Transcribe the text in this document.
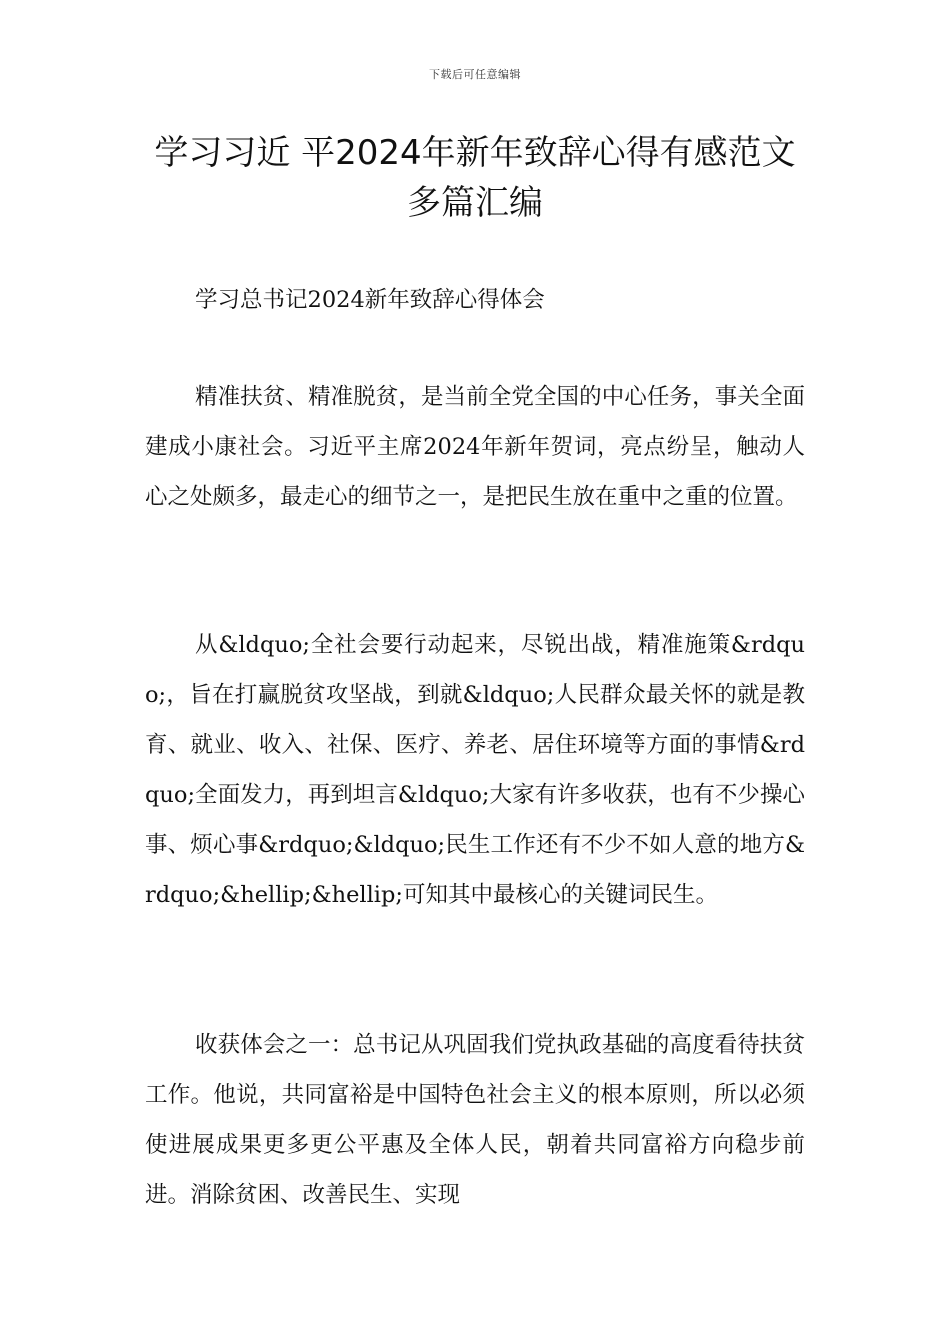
下载后可任意编辑
学习习近 平2024年新年致辞心得有感范文多篇汇编

学习总书记2024新年致辞心得体会

精准扶贫、精准脱贫，是当前全党全国的中心任务，事关全面建成小康社会。习近平主席2024年新年贺词，亮点纷呈，触动人心之处颇多，最走心的细节之一，是把民生放在重中之重的位置。

从&ldquo;全社会要行动起来，尽锐出战，精准施策&rdquo;，旨在打赢脱贫攻坚战，到就&ldquo;人民群众最关怀的就是教育、就业、收入、社保、医疗、养老、居住环境等方面的事情&rdquo;全面发力，再到坦言&ldquo;大家有许多收获，也有不少操心事、烦心事&rdquo;&ldquo;民生工作还有不少不如人意的地方&rdquo;&hellip;&hellip;可知其中最核心的关键词民生。

收获体会之一：总书记从巩固我们党执政基础的高度看待扶贫工作。他说，共同富裕是中国特色社会主义的根本原则，所以必须使进展成果更多更公平惠及全体人民，朝着共同富裕方向稳步前进。消除贫困、改善民生、实现
